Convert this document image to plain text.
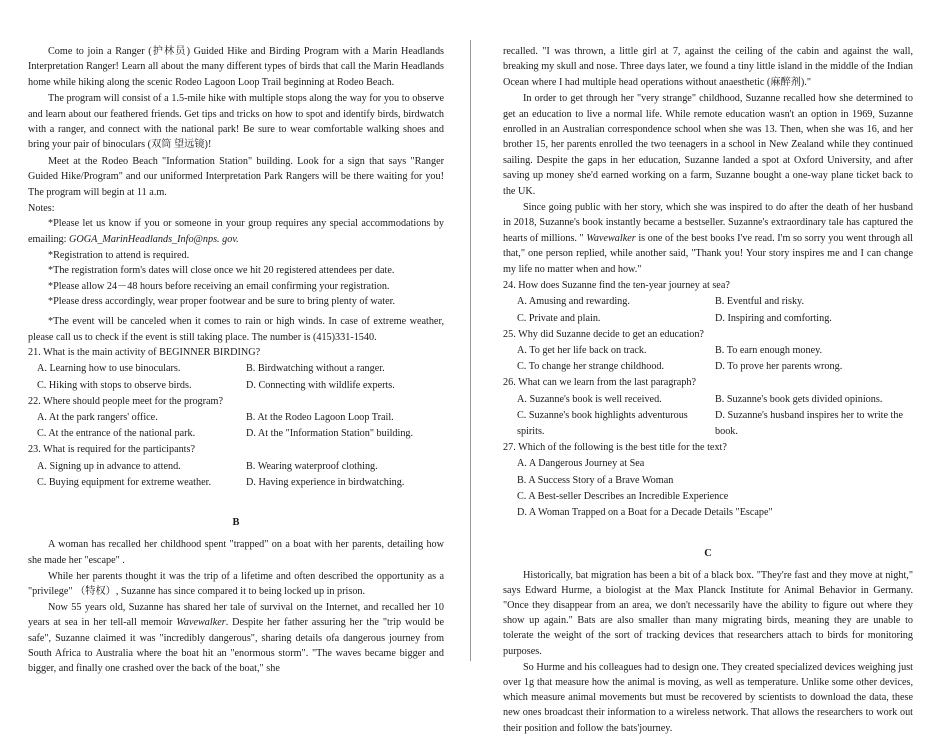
Come to join a Ranger (护林员) Guided Hike and Birding Program with a Marin Headlands Interpretation Ranger! Learn all about the many different types of birds that call the Marin Headlands home while hiking along the scenic Rodeo Lagoon Loop Trail beginning at Rodeo Beach.

The program will consist of a 1.5-mile hike with multiple stops along the way for you to observe and learn about our feathered friends. Get tips and tricks on how to spot and identify birds, birdwatch with a ranger, and connect with the national park! Be sure to wear comfortable walking shoes and bring your pair of binoculars (双筒 望远镜)!

Meet at the Rodeo Beach "Information Station" building. Look for a sign that says "Ranger Guided Hike/Program" and our uniformed Interpretation Park Rangers will be there waiting for you! The program will begin at 11 a.m.

Notes:

*Please let us know if you or someone in your group requires any special accommodations by emailing: GOGA_MarinHeadlands_Info@nps. gov.

*Registration to attend is required.

*The registration form's dates will close once we hit 20 registered attendees per date.

*Please allow 24－48 hours before receiving an email confirming your registration.

*Please dress accordingly, wear proper footwear and be sure to bring plenty of water.

*The event will be canceled when it comes to rain or high winds. In case of extreme weather, please call us to check if the event is still taking place. The number is (415)331-1540.

21. What is the main activity of BEGINNER BIRDING?

A. Learning how to use binoculars.	B. Birdwatching without a ranger.
C. Hiking with stops to observe birds.	D. Connecting with wildlife experts.

22. Where should people meet for the program?

A. At the park rangers' office.	B. At the Rodeo Lagoon Loop Trail.
C. At the entrance of the national park.	D. At the "Information Station" building.

23. What is required for the participants?

A. Signing up in advance to attend.	B. Wearing waterproof clothing.
C. Buying equipment for extreme weather.	D. Having experience in birdwatching.

B

A woman has recalled her childhood spent "trapped" on a boat with her parents, detailing how she made her "escape" .

While her parents thought it was the trip of a lifetime and often described the opportunity as a "privilege" （特权）, Suzanne has since compared it to being locked up in prison.

Now 55 years old, Suzanne has shared her tale of survival on the Internet, and recalled her 10 years at sea in her tell-all memoir Wavewalker. Despite her father assuring her the "trip would be safe", Suzanne claimed it was "incredibly dangerous", sharing details ofa dangerous journey from South Africa to Australia where the boat hit an "enormous storm". "The waves became bigger and bigger, and finally one crashed over the back of the boat," she

recalled. "I was thrown, a little girl at 7, against the ceiling of the cabin and against the wall, breaking my skull and nose. Three days later, we found a tiny little island in the middle of the Indian Ocean where I had multiple head operations without anaesthetic (麻醉剂)."

In order to get through her "very strange" childhood, Suzanne recalled how she determined to get an education to live a normal life. While remote education wasn't an option in 1969, Suzanne enrolled in an Australian correspondence school when she was 13. Then, when she was 16, and her brother 15, her parents enrolled the two teenagers in a school in New Zealand while they continued sailing. Despite the gaps in her education, Suzanne landed a spot at Oxford University, and after saving up money she'd earned working on a farm, Suzanne bought a one-way plane ticket back to the UK.

Since going public with her story, which she was inspired to do after the death of her husband in 2018, Suzanne's book instantly became a bestseller. Suzanne's extraordinary tale has captured the hearts of millions. " Wavewalker is one of the best books I've read. I'm so sorry you went through all that," one person replied, while another said, "Thank you! Your story inspires me and I can change my life no matter when and how."

24. How does Suzanne find the ten-year journey at sea?

A. Amusing and rewarding.	B. Eventful and risky.
C. Private and plain.	D. Inspiring and comforting.

25. Why did Suzanne decide to get an education?

A. To get her life back on track.	B. To earn enough money.
C. To change her strange childhood.	D. To prove her parents wrong.

26. What can we learn from the last paragraph?

A. Suzanne's book is well received.	B. Suzanne's book gets divided opinions.
C. Suzanne's book highlights adventurous spirits.
D. Suzanne's husband inspires her to write the book.

27. Which of the following is the best title for the text?

A. A Dangerous Journey at Sea
B. A Success Story of a Brave Woman
C. A Best-seller Describes an Incredible Experience
D. A Woman Trapped on a Boat for a Decade Details "Escape"

C

Historically, bat migration has been a bit of a black box. "They're fast and they move at night," says Edward Hurme, a biologist at the Max Planck Institute for Animal Behavior in Germany. "Once they disappear from an area, we don't necessarily have the ability to figure out where they show up again." Bats are also smaller than many migrating birds, meaning they are unable to tolerate the weight of the sort of tracking devices that researchers attach to birds for monitoring purposes.

So Hurme and his colleagues had to design one. They created specialized devices weighing just over 1g that measure how the animal is moving, as well as temperature. Unlike some other devices, which measure animal movements but must be recovered by scientists to download the data, these new ones broadcast their information to a wireless network. That allows the researchers to work out their position and follow the bats'journey.
